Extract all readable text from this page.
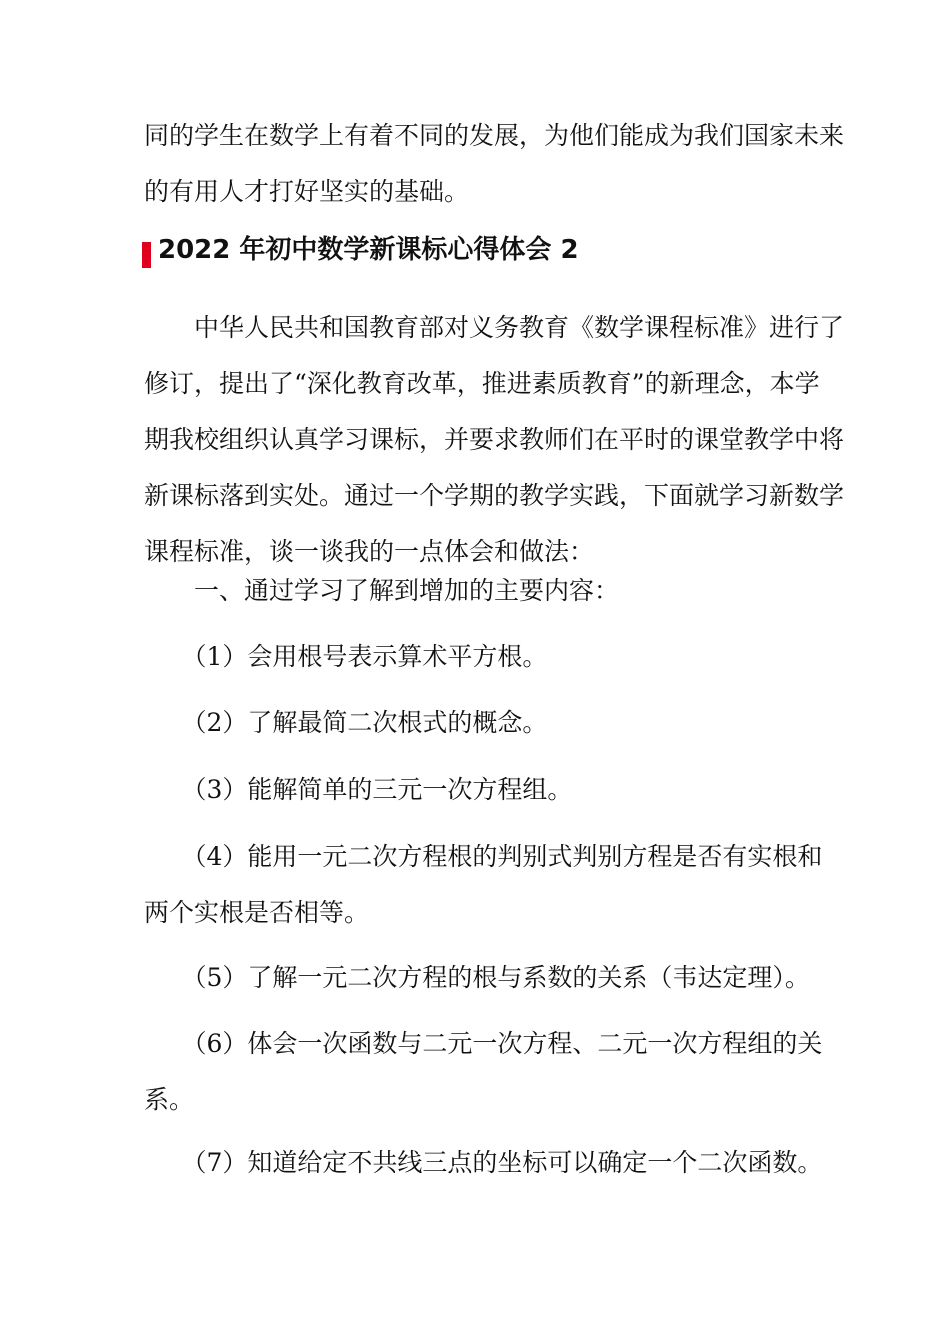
同的学生在数学上有着不同的发展，为他们能成为我们国家未来
的有用人才打好坚实的基础。

2022 年初中数学新课标心得体会 2

　　中华人民共和国教育部对义务教育《数学课程标准》进行了
修订，提出了“深化教育改革，推进素质教育”的新理念，本学
期我校组织认真学习课标，并要求教师们在平时的课堂教学中将
新课标落到实处。通过一个学期的教学实践，下面就学习新数学
课程标准，谈一谈我的一点体会和做法：

　　一、通过学习了解到增加的主要内容：

　　（1）会用根号表示算术平方根。

　　（2）了解最简二次根式的概念。

　　（3）能解简单的三元一次方程组。

　　（4）能用一元二次方程根的判别式判别方程是否有实根和
两个实根是否相等。

　　（5）了解一元二次方程的根与系数的关系（韦达定理）。

　　（6）体会一次函数与二元一次方程、二元一次方程组的关
系。

　　（7）知道给定不共线三点的坐标可以确定一个二次函数。
